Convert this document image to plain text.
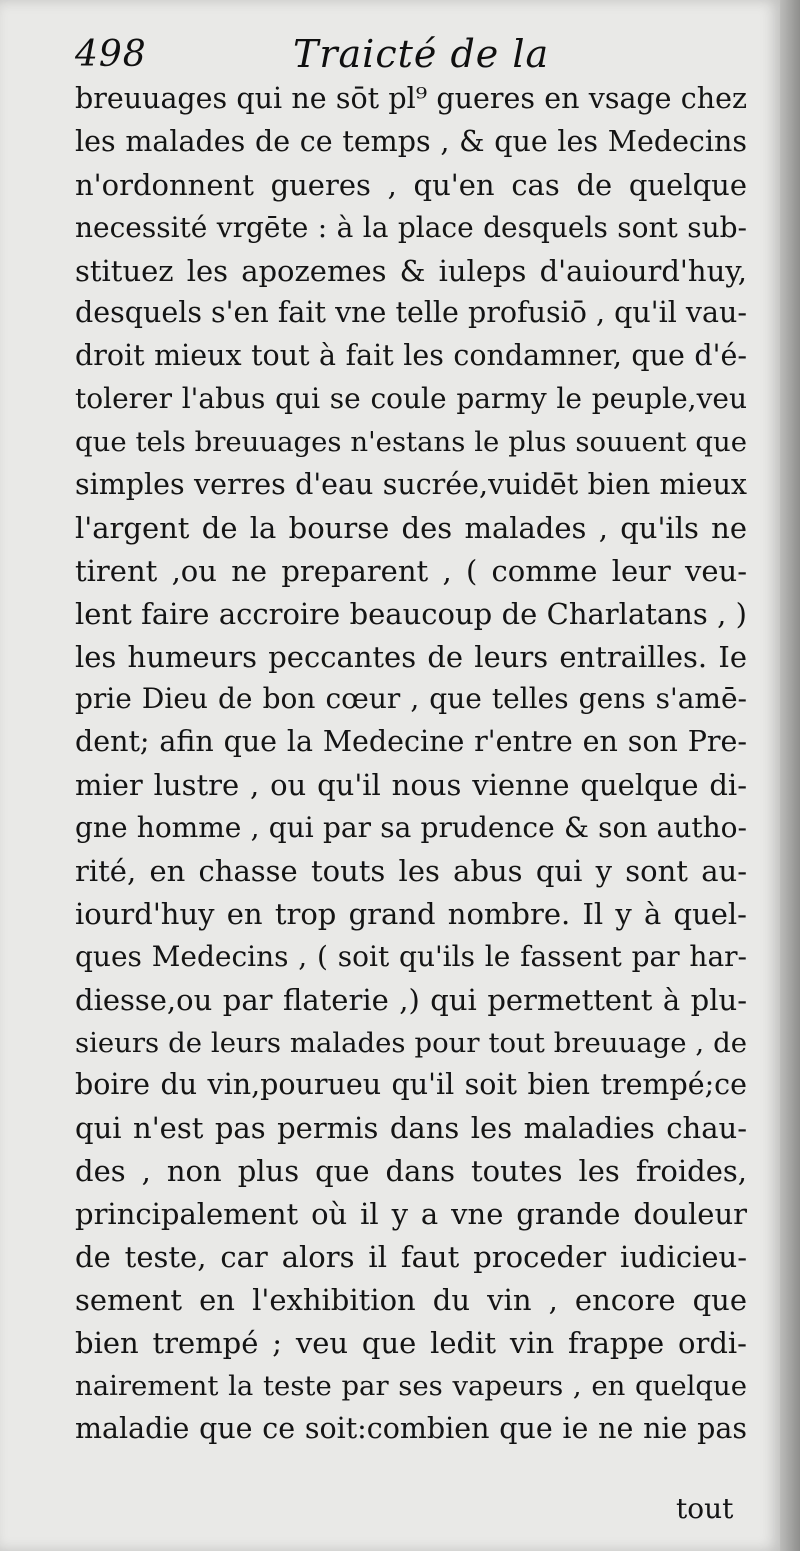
498	Traicté de la
breuuages qui ne sōt pl⁹ gueres en vsage chez
les malades de ce temps , & que les Medecins
n'ordonnent gueres , qu'en cas de quelque
necessité vrgēte : à la place desquels sont sub-
stituez les apozemes & iuleps d'auiourd'huy,
desquels s'en fait vne telle profusiō , qu'il vau-
droit mieux tout à fait les condamner, que d'é-
tolerer l'abus qui se coule parmy le peuple,veu
que tels breuuages n'estans le plus souuent que
simples verres d'eau sucrée,vuidēt bien mieux
l'argent de la bourse des malades , qu'ils ne
tirent ,ou ne preparent , ( comme leur veu-
lent faire accroire beaucoup de Charlatans , )
les humeurs peccantes de leurs entrailles. Ie
prie Dieu de bon cœur , que telles gens s'amē-
dent; afin que la Medecine r'entre en son Pre-
mier lustre , ou qu'il nous vienne quelque di-
gne homme , qui par sa prudence & son autho-
rité, en chasse touts les abus qui y sont au-
iourd'huy en trop grand nombre. Il y à quel-
ques Medecins , ( soit qu'ils le fassent par har-
diesse,ou par flaterie ,) qui permettent à plu-
sieurs de leurs malades pour tout breuuage , de
boire du vin,pourueu qu'il soit bien trempé;ce
qui n'est pas permis dans les maladies chau-
des , non plus que dans toutes les froides,
principalement où il y a vne grande douleur
de teste, car alors il faut proceder iudicieu-
sement en l'exhibition du vin , encore que
bien trempé ; veu que ledit vin frappe ordi-
nairement la teste par ses vapeurs , en quelque
maladie que ce soit:combien que ie ne nie pas
tout
